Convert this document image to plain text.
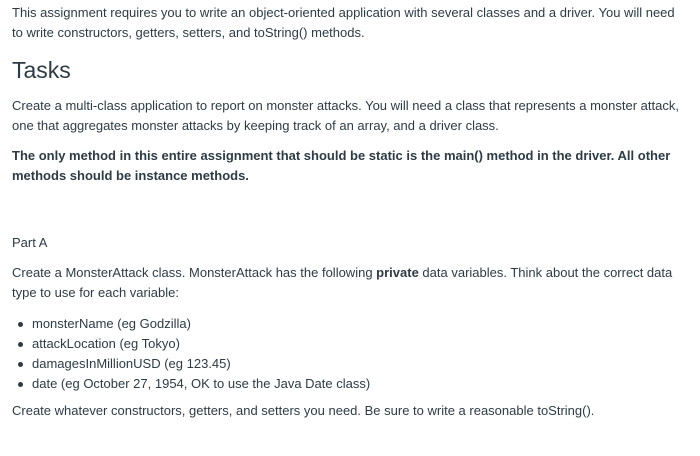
This assignment requires you to write an object-oriented application with several classes and a driver. You will need to write constructors, getters, setters, and toString() methods.

Tasks

Create a multi-class application to report on monster attacks. You will need a class that represents a monster attack, one that aggregates monster attacks by keeping track of an array, and a driver class.

The only method in this entire assignment that should be static is the main() method in the driver. All other methods should be instance methods.

Part A

Create a MonsterAttack class. MonsterAttack has the following private data variables. Think about the correct data type to use for each variable:

monsterName (eg Godzilla)
attackLocation (eg Tokyo)
damagesInMillionUSD (eg 123.45)
date (eg October 27, 1954, OK to use the Java Date class)

Create whatever constructors, getters, and setters you need. Be sure to write a reasonable toString().
